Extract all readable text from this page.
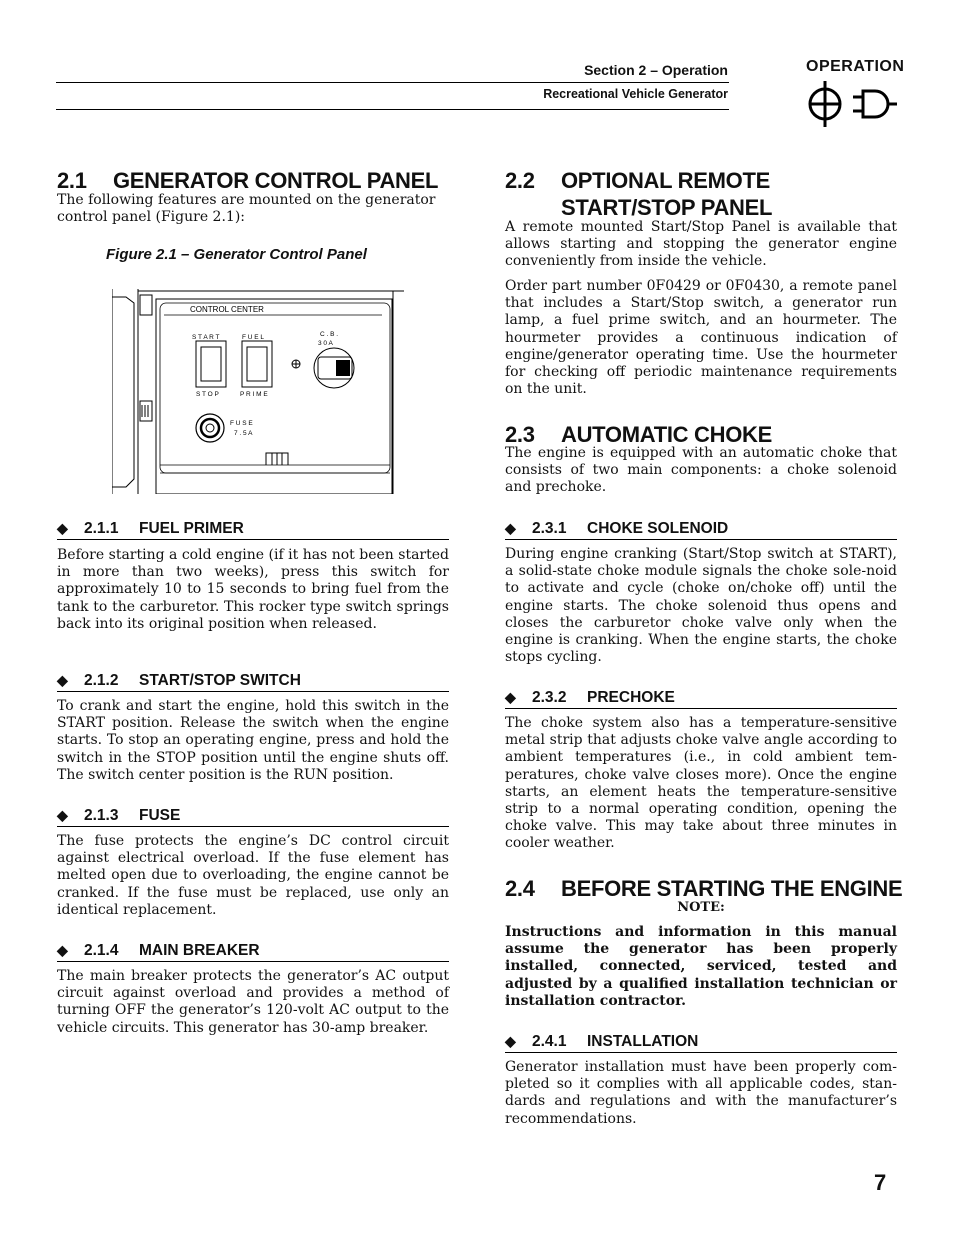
Section 2 – Operation
Recreational Vehicle Generator
OPERATION
2.1 GENERATOR CONTROL PANEL

The following features are mounted on the generator control panel (Figure 2.1):

Figure 2.1 – Generator Control Panel
CONTROL CENTER
S T A R T
S T O P
F U E L
P R I M E
C . B .
3 0 A
F U S E
7 . 5 A
◆ 2.1.1 FUEL PRIMER

Before starting a cold engine (if it has not been started in more than two weeks), press this switch for approximately 10 to 15 seconds to bring fuel from the tank to the carburetor. This rocker type switch springs back into its original position when released.

◆ 2.1.2 START/STOP SWITCH

To crank and start the engine, hold this switch in the START position. Release the switch when the engine starts. To stop an operating engine, press and hold the switch in the STOP position until the engine shuts off. The switch center position is the RUN position.

◆ 2.1.3 FUSE

The fuse protects the engine’s DC control circuit against electrical overload. If the fuse element has melted open due to overloading, the engine cannot be cranked. If the fuse must be replaced, use only an identical replacement.

◆ 2.1.4 MAIN BREAKER

The main breaker protects the generator’s AC output circuit against overload and provides a method of turning OFF the generator’s 120-volt AC output to the vehicle circuits. This generator has 30-amp breaker.

2.2 OPTIONAL REMOTE
START/STOP PANEL

A remote mounted Start/Stop Panel is available that allows starting and stopping the generator engine conveniently from inside the vehicle.

Order part number 0F0429 or 0F0430, a remote panel that includes a Start/Stop switch, a generator run lamp, a fuel prime switch, and an hourmeter. The hourmeter provides a continuous indication of engine/generator operating time. Use the hourmeter for checking off periodic maintenance requirements on the unit.

2.3 AUTOMATIC CHOKE

The engine is equipped with an automatic choke that consists of two main components: a choke solenoid and prechoke.

◆ 2.3.1 CHOKE SOLENOID

During engine cranking (Start/Stop switch at START), a solid-state choke module signals the choke sole-noid to activate and cycle (choke on/choke off) until the engine starts. The choke solenoid thus opens and closes the carburetor choke valve only when the engine is cranking. When the engine starts, the choke stops cycling.

◆ 2.3.2 PRECHOKE

The choke system also has a temperature-sensitive metal strip that adjusts choke valve angle according to ambient temperatures (i.e., in cold ambient tem-peratures, choke valve closes more). Once the engine starts, an element heats the temperature-sensitive strip to a normal operating condition, opening the choke valve. This may take about three minutes in cooler weather.

2.4 BEFORE STARTING THE ENGINE
NOTE:

Instructions and information in this manual assume the generator has been properly installed, connected, serviced, tested and adjusted by a qualified installation technician or installation contractor.

◆ 2.4.1 INSTALLATION

Generator installation must have been properly com-pleted so it complies with all applicable codes, stan-dards and regulations and with the manufacturer’s recommendations.

7
